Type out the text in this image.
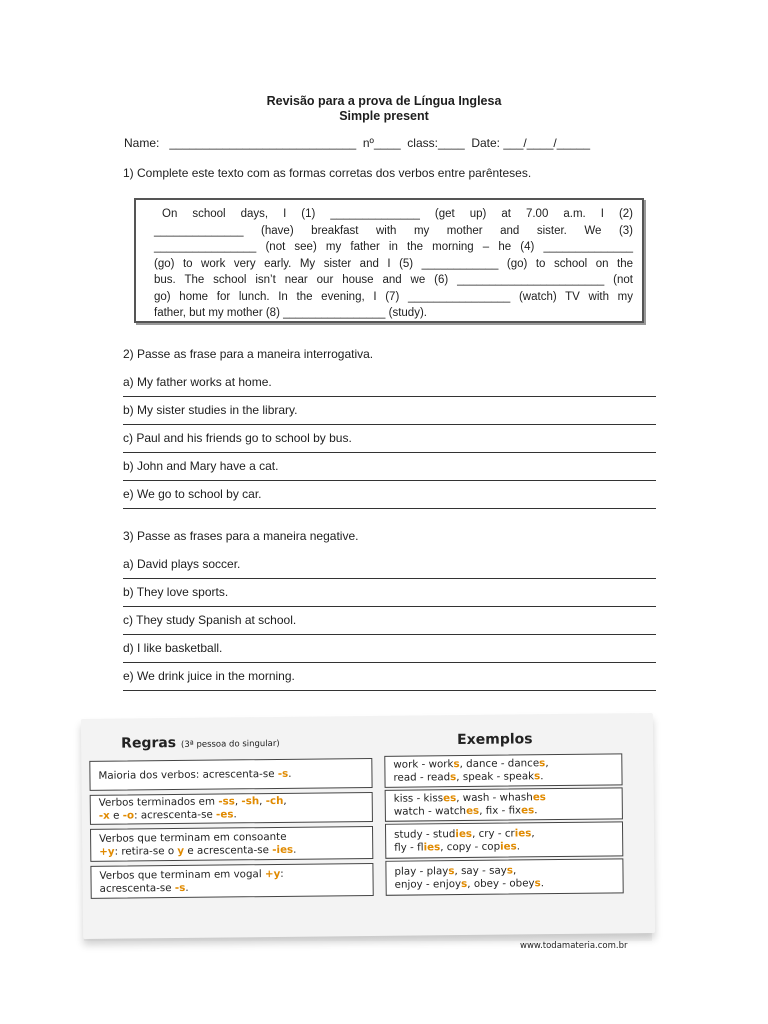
Revisão para a prova de Língua Inglesa
Simple present
Name:   ____________________________  nº____  class:____  Date: ___/____/_____
1) Complete este texto com as formas corretas dos verbos entre parênteses.
On school days, I (1) ______________ (get up) at 7.00 a.m. I (2)
______________ (have) breakfast with my mother and sister. We (3)
________________ (not see) my father in the morning – he (4) ______________
(go) to work very early. My sister and I (5) ____________ (go) to school on the
bus. The school isn’t near our house and we (6) _______________________ (not
go) home for lunch. In the evening, I (7) ________________ (watch) TV with my
father, but my mother (8) ________________ (study).
2) Passe as frase para a maneira interrogativa.
a) My father works at home.
b) My sister studies in the library.
c) Paul and his friends go to school by bus.
b) John and Mary have a cat.
e) We go to school by car.
3) Passe as frases para a maneira negative.
a) David plays soccer.
b) They love sports.
c) They study Spanish at school.
d) I like basketball.
e) We drink juice in the morning.
Regras (3ª pessoa do singular)	Exemplos
Maioria dos verbos: acrescenta-se -s.
work - works, dance - dances,
read - reads, speak - speaks.
Verbos terminados em -ss, -sh, -ch,
-x e -o: acrescenta-se -es.
kiss - kisses, wash - whashes
watch - watches, fix - fixes.
Verbos que terminam em consoante
+y: retira-se o y e acrescenta-se -ies.
study - studies, cry - cries,
fly - flies, copy - copies.
Verbos que terminam em vogal +y:
acrescenta-se -s.
play - plays, say - says,
enjoy - enjoys, obey - obeys.
www.todamateria.com.br
